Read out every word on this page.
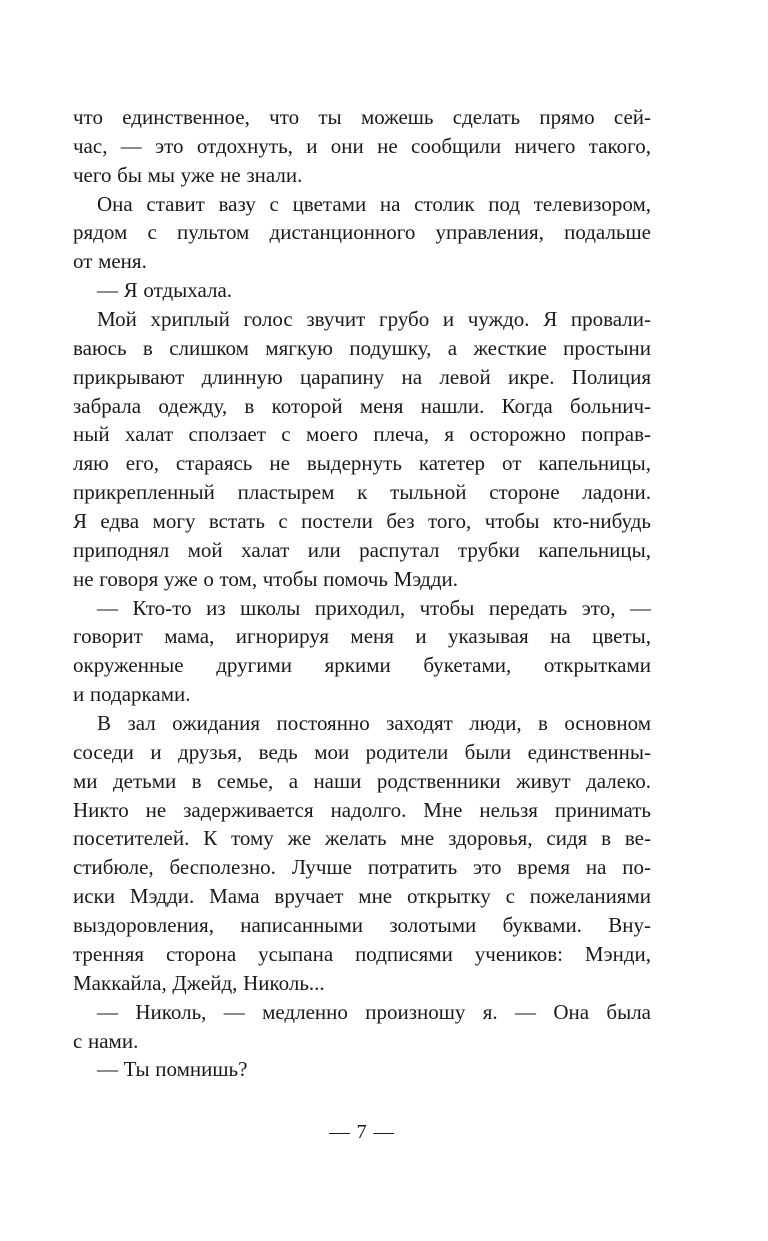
что единственное, что ты можешь сделать прямо сей-
час, — это отдохнуть, и они не сообщили ничего такого,
чего бы мы уже не знали.
Она ставит вазу с цветами на столик под телевизором,
рядом с пультом дистанционного управления, подальше
от меня.
— Я отдыхала.
Мой хриплый голос звучит грубо и чуждо. Я провали-
ваюсь в слишком мягкую подушку, а жесткие простыни
прикрывают длинную царапину на левой икре. Полиция
забрала одежду, в которой меня нашли. Когда больнич-
ный халат сползает с моего плеча, я осторожно поправ-
ляю его, стараясь не выдернуть катетер от капельницы,
прикрепленный пластырем к тыльной стороне ладони.
Я едва могу встать с постели без того, чтобы кто-нибудь
приподнял мой халат или распутал трубки капельницы,
не говоря уже о том, чтобы помочь Мэдди.
— Кто-то из школы приходил, чтобы передать это, —
говорит мама, игнорируя меня и указывая на цветы,
окруженные другими яркими букетами, открытками
и подарками.
В зал ожидания постоянно заходят люди, в основном
соседи и друзья, ведь мои родители были единственны-
ми детьми в семье, а наши родственники живут далеко.
Никто не задерживается надолго. Мне нельзя принимать
посетителей. К тому же желать мне здоровья, сидя в ве-
стибюле, бесполезно. Лучше потратить это время на по-
иски Мэдди. Мама вручает мне открытку с пожеланиями
выздоровления, написанными золотыми буквами. Вну-
тренняя сторона усыпана подписями учеников: Мэнди,
Маккайла, Джейд, Николь...
— Николь, — медленно произношу я. — Она была
с нами.
— Ты помнишь?
— 7 —
